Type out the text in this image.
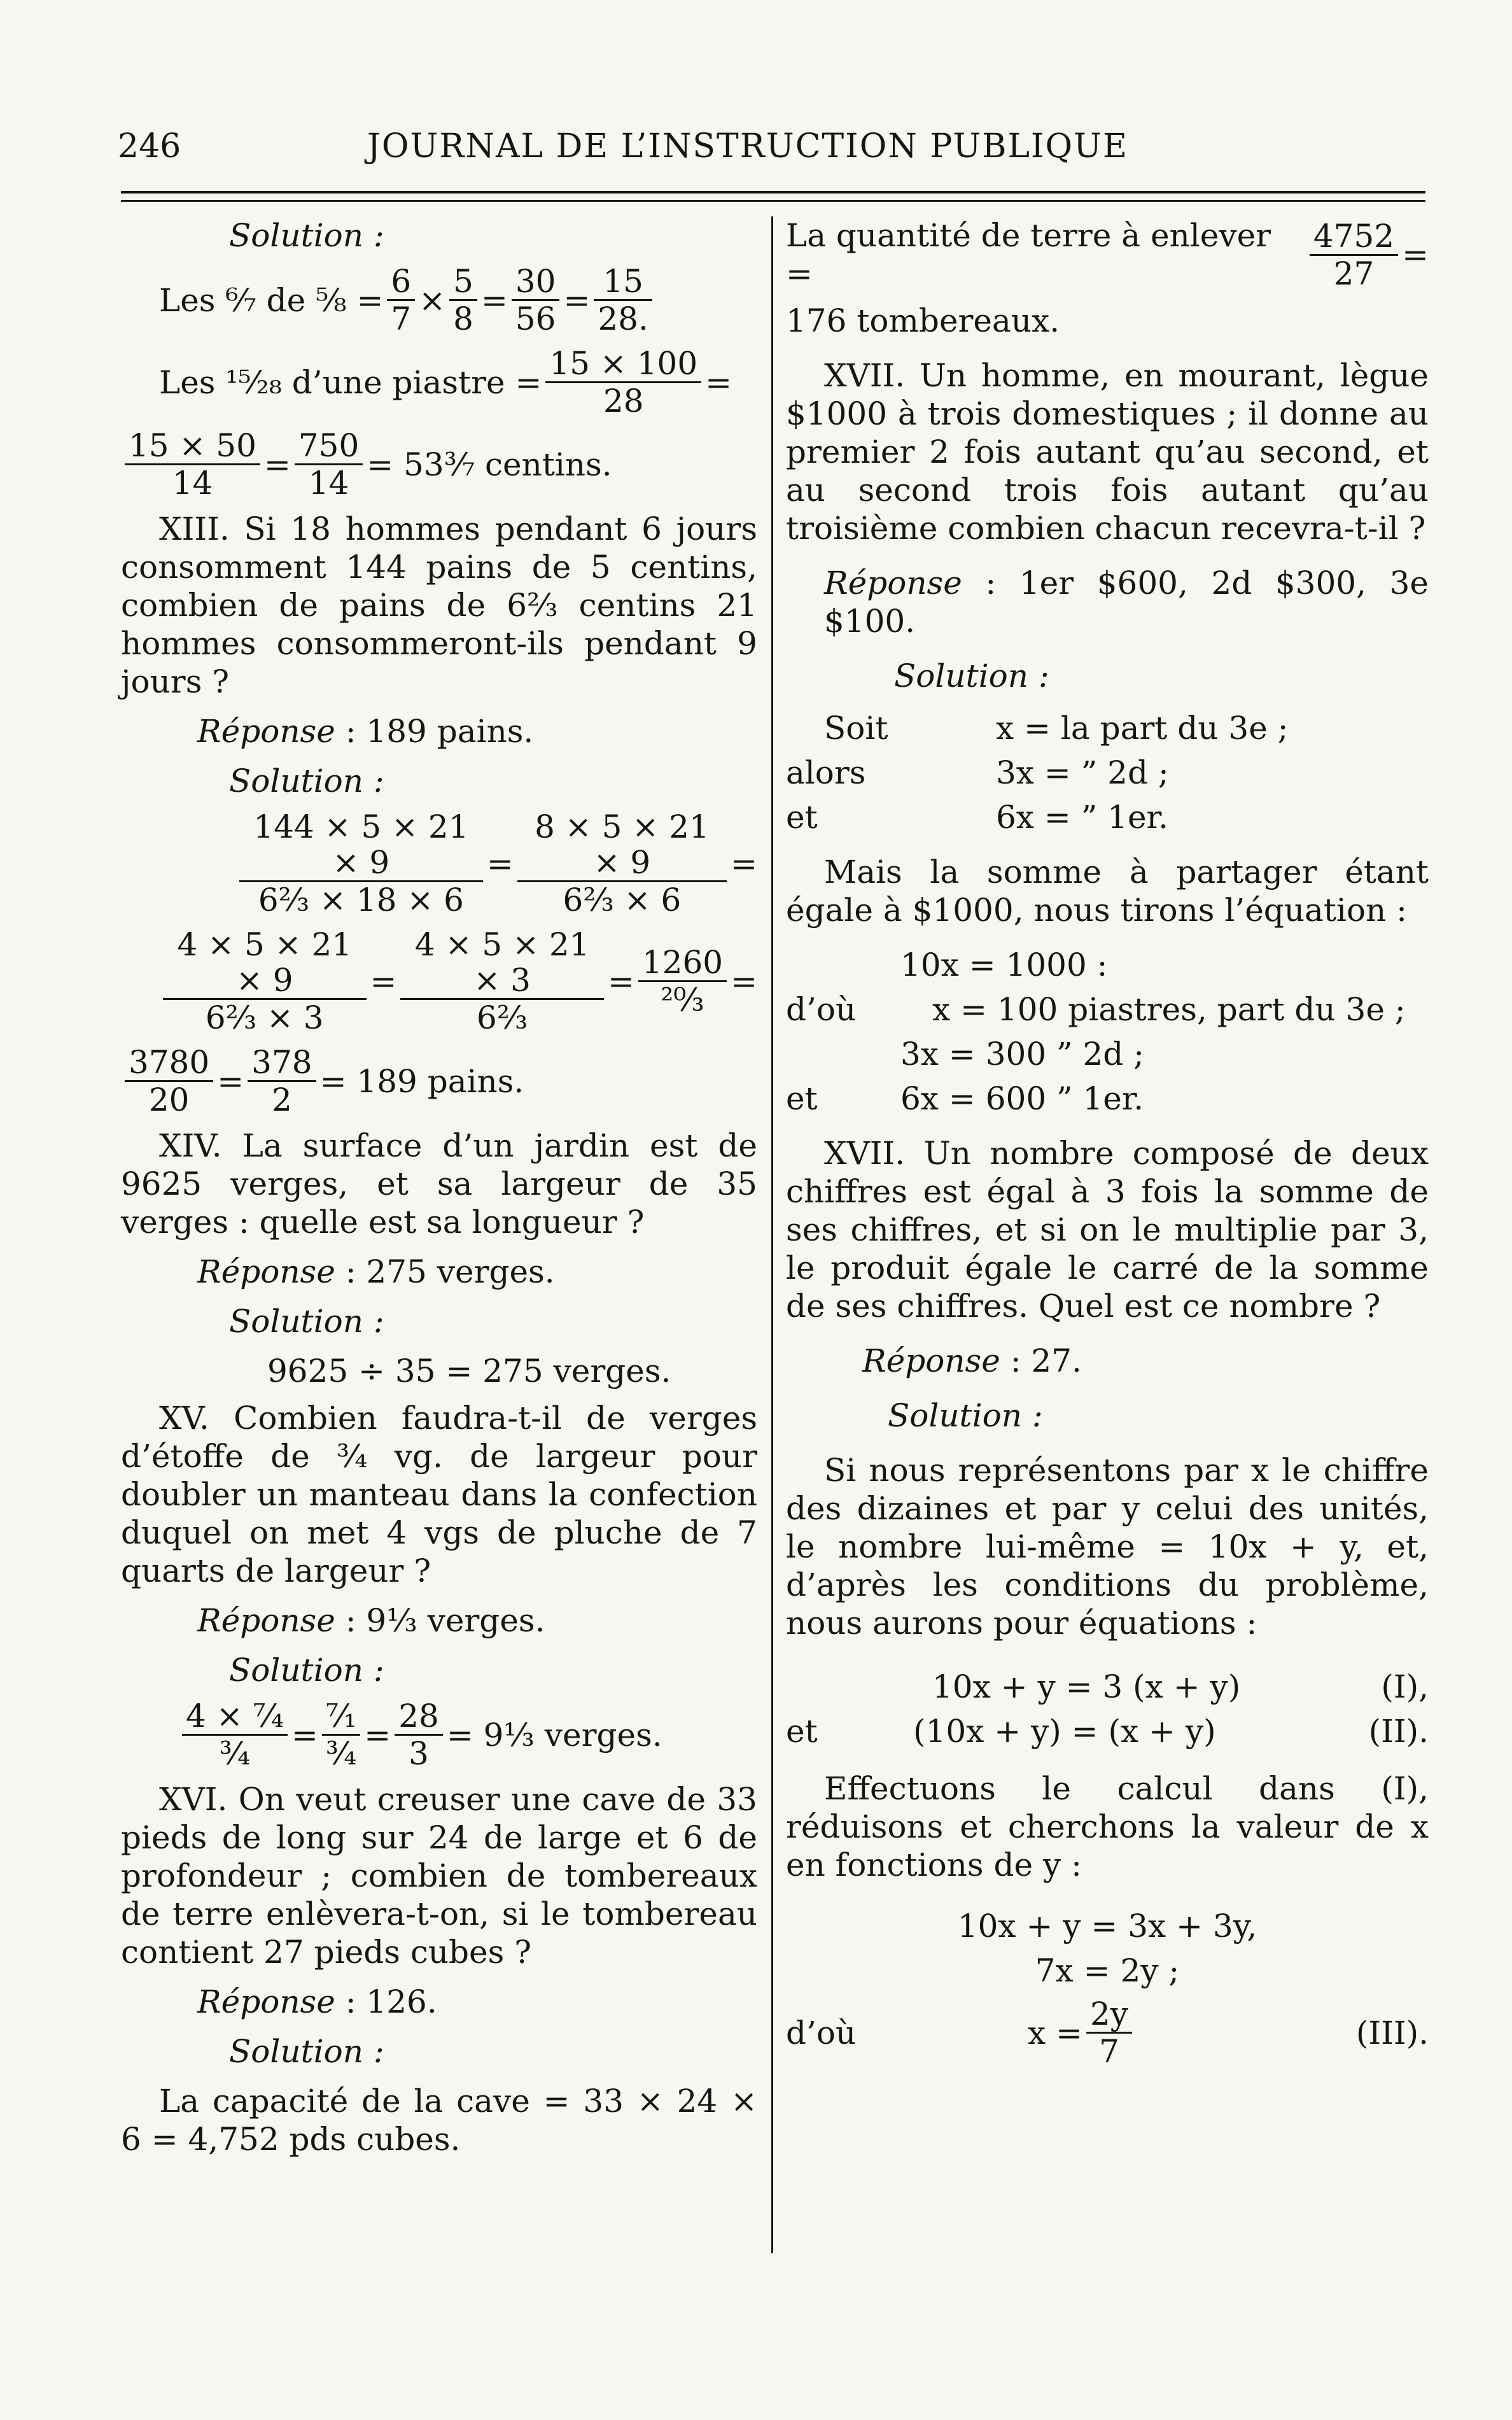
246	JOURNAL DE L’INSTRUCTION PUBLIQUE
Solution :
Les ⁶⁄₇ de ⁵⁄₈ = $\frac{6}{7} \times \frac{5}{8} = \frac{30}{56} = \frac{15}{28.}$
Les ¹⁵⁄₂₈ d’une piastre = $\frac{15 \times 100}{28}$ =
$\frac{15 \times 50}{14} = \frac{750}{14}$ = 53³⁄₇ centins.

XIII. Si 18 hommes pendant 6 jours consomment 144 pains de 5 centins, combien de pains de 6²⁄₃ centins 21 hommes consommeront-ils pendant 9 jours ?

Réponse : 189 pains.
Solution :
$\frac{144 \times 5 \times 21 \times 9}{\text{6²⁄₃ × 18 × 6}} = \frac{8 \times 5 \times 21 \times 9}{\text{6²⁄₃ × 6}}$ =
$\frac{4 \times 5 \times 21 \times 9}{\text{6²⁄₃ × 3}} = \frac{4 \times 5 \times 21 \times 3}{\text{6²⁄₃}} = \frac{1260}{\text{²⁰⁄₃}}$ =
$\frac{3780}{20} = \frac{378}{2} = 189$ pains.

XIV. La surface d’un jardin est de 9625 verges, et sa largeur de 35 verges : quelle est sa longueur ?

Réponse : 275 verges.
Solution :
9625 ÷ 35 = 275 verges.

XV. Combien faudra-t-il de verges d’étoffe de ³⁄₄ vg. de largeur pour doubler un manteau dans la confection duquel on met 4 vgs de pluche de 7 quarts de largeur ?

Réponse : 9¹⁄₃ verges.
Solution :
$\frac{\text{4 × ⁷⁄₄}}{\text{³⁄₄}} = \frac{\text{⁷⁄₁}}{\text{³⁄₄}} = \frac{28}{3}$ = 9¹⁄₃ verges.

XVI. On veut creuser une cave de 33 pieds de long sur 24 de large et 6 de profondeur ; combien de tombereaux de terre enlèvera-t-on, si le tombereau contient 27 pieds cubes ?

Réponse : 126.
Solution :

La capacité de la cave = 33 × 24 × 6 = 4,752 pds cubes.

La quantité de terre à enlever =	$\frac{4752}{27}$ =
176 tombereaux.

XVII. Un homme, en mourant, lègue $1000 à trois domestiques ; il donne au premier 2 fois autant qu’au second, et au second trois fois autant qu’au troisième combien chacun recevra-t-il ?

Réponse : 1er $600, 2d $300, 3e $100.
Solution :
Soit	x = la part du 3e ;
alors	3x = ” 2d ;
et	6x = ” 1er.

Mais la somme à partager étant égale à $1000, nous tirons l’équation :

10x = 1000 :
d’où	x = 100 piastres, part du 3e ;
3x = 300 ” 2d ;
et	6x = 600 ” 1er.

XVII. Un nombre composé de deux chiffres est égal à 3 fois la somme de ses chiffres, et si on le multiplie par 3, le produit égale le carré de la somme de ses chiffres. Quel est ce nombre ?

Réponse : 27.
Solution :

Si nous représentons par x le chiffre des dizaines et par y celui des unités, le nombre lui-même = 10x + y, et, d’après les conditions du problème, nous aurons pour équations :

10x + y = 3 (x + y)	(I),
et	(10x + y) = (x + y)	(II).

Effectuons le calcul dans (I), réduisons et cherchons la valeur de x en fonctions de y :

10x + y = 3x + 3y,
7x = 2y ;
d’où	$x = \frac{2y}{7}$	(III).
